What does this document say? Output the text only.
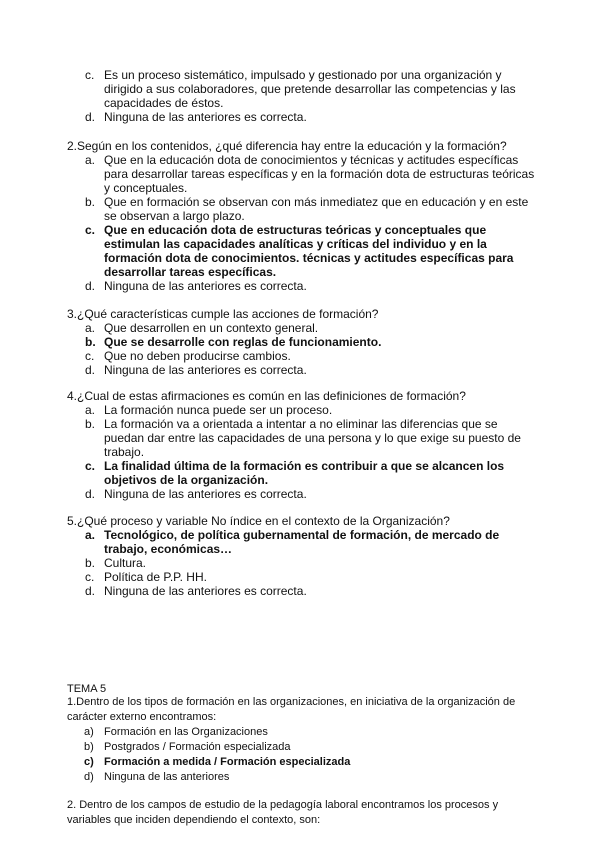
c. Es un proceso sistemático, impulsado y gestionado por una organización y dirigido a sus colaboradores, que pretende desarrollar las competencias y las capacidades de éstos.
d. Ninguna de las anteriores es correcta.

2.Según en los contenidos, ¿qué diferencia hay entre la educación y la formación?

a. Que en la educación dota de conocimientos y técnicas y actitudes específicas para desarrollar tareas específicas y en la formación dota de estructuras teóricas y conceptuales.
b. Que en formación se observan con más inmediatez que en educación y en este se observan a largo plazo.
c. Que en educación dota de estructuras teóricas y conceptuales que estimulan las capacidades analíticas y críticas del individuo y en la formación dota de conocimientos. técnicas y actitudes específicas para desarrollar tareas específicas.
d. Ninguna de las anteriores es correcta.

3.¿Qué características cumple las acciones de formación?

a. Que desarrollen en un contexto general.
b. Que se desarrolle con reglas de funcionamiento.
c. Que no deben producirse cambios.
d. Ninguna de las anteriores es correcta.

4.¿Cual de estas afirmaciones es común en las definiciones de formación?

a. La formación nunca puede ser un proceso.
b. La formación va a orientada a intentar a no eliminar las diferencias que se puedan dar entre las capacidades de una persona y lo que exige su puesto de trabajo.
c. La finalidad última de la formación es contribuir a que se alcancen los objetivos de la organización.
d. Ninguna de las anteriores es correcta.

5.¿Qué proceso y variable No índice en el contexto de la Organización?

a. Tecnológico, de política gubernamental de formación, de mercado de trabajo, económicas…
b. Cultura.
c. Política de P.P. HH.
d. Ninguna de las anteriores es correcta.
TEMA 5

1.Dentro de los tipos de formación en las organizaciones, en iniciativa de la organización de carácter externo encontramos:

a) Formación en las Organizaciones
b) Postgrados / Formación especializada
c) Formación a medida / Formación especializada
d) Ninguna de las anteriores

2. Dentro de los campos de estudio de la pedagogía laboral encontramos los procesos y variables que inciden dependiendo el contexto, son:
